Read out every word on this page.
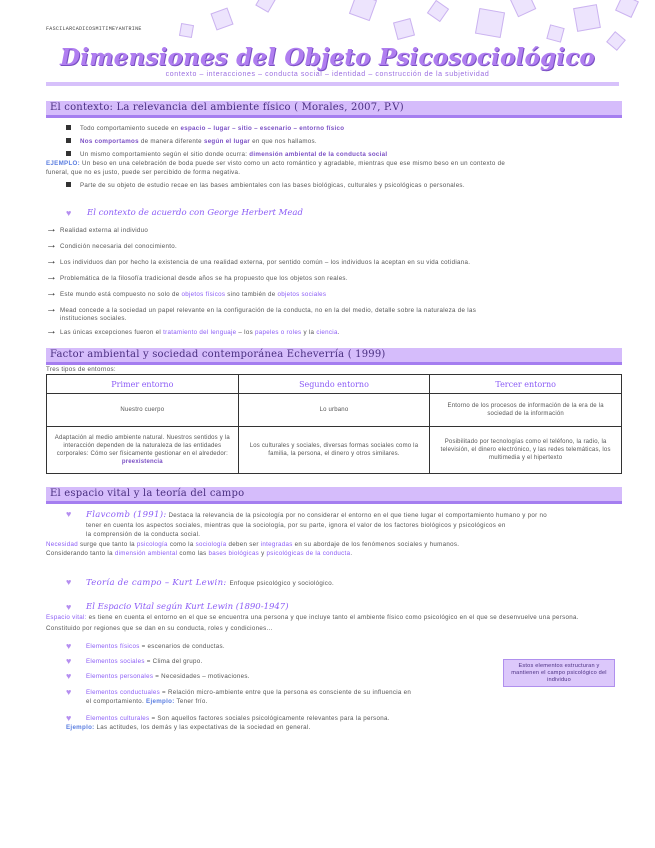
FASCILARCADICOSMITIMEYANTRINE
Dimensiones del Objeto Psicosociológico
contexto – interacciones – conducta social – identidad – construcción de la subjetividad
El contexto: La relevancia del ambiente físico ( Morales, 2007, P.V)
Todo comportamiento sucede en espacio – lugar – sitio – escenario – entorno físico
Nos comportamos de manera diferente según el lugar en que nos hallamos.
Un mismo comportamiento según el sitio donde ocurra: dimensión ambiental de la conducta social
EJEMPLO: Un beso en una celebración de boda puede ser visto como un acto romántico y agradable, mientras que ese mismo beso en un contexto de
funeral, que no es justo, puede ser percibido de forma negativa.
Parte de su objeto de estudio recae en las bases ambientales con las bases biológicas, culturales y psicológicas o personales.
♥ El contexto de acuerdo con George Herbert Mead
→ Realidad externa al individuo
→ Condición necesaria del conocimiento.
→ Los individuos dan por hecho la existencia de una realidad externa, por sentido común – los individuos la aceptan en su vida cotidiana.
→ Problemática de la filosofía tradicional desde años se ha propuesto que los objetos son reales.
→ Este mundo está compuesto no solo de objetos físicos sino también de objetos sociales
→ Mead concede a la sociedad un papel relevante en la configuración de la conducta, no en la del medio, detalle sobre la naturaleza de las
instituciones sociales.
→ Las únicas excepciones fueron el tratamiento del lenguaje – los papeles o roles y la ciencia.
Factor ambiental y sociedad contemporánea Echeverría ( 1999)
Tres tipos de entornos:
Primer entorno	Segundo entorno	Tercer entorno
Nuestro cuerpo	Lo urbano	Entorno de los procesos de información de la era de la sociedad de la información
Adaptación al medio ambiente natural. Nuestros sentidos y la interacción dependen de la naturaleza de las entidades corporales: Cómo ser físicamente gestionar en el alrededor: preexistencia	Los culturales y sociales, diversas formas sociales como la familia, la persona, el dinero y otros similares.	Posibilitado por tecnologías como el teléfono, la radio, la televisión, el dinero electrónico, y las redes telemáticas, los multimedia y el hipertexto
El espacio vital y la teoría del campo
♥ Flavcomb (1991): Destaca la relevancia de la psicología por no considerar el entorno en el que tiene lugar el comportamiento humano y por no
tener en cuenta los aspectos sociales, mientras que la sociología, por su parte, ignora el valor de los factores biológicos y psicológicos en
la comprensión de la conducta social.
Necesidad surge que tanto la psicología como la sociología deben ser integradas en su abordaje de los fenómenos sociales y humanos.
Considerando tanto la dimensión ambiental como las bases biológicas y psicológicas de la conducta.
♥ Teoría de campo – Kurt Lewin: Enfoque psicológico y sociológico.
♥ El Espacio Vital según Kurt Lewin (1890-1947)
Espacio vital: es tiene en cuenta el entorno en el que se encuentra una persona y que incluye tanto el ambiente físico como psicológico en el que se desenvuelve una persona.
Constituido por regiones que se dan en su conducta, roles y condiciones...
♥ Elementos físicos = escenarios de conductas.
♥ Elementos sociales = Clima del grupo.
♥ Elementos personales = Necesidades – motivaciones.
♥ Elementos conductuales = Relación micro-ambiente entre que la persona es consciente de su influencia en
el comportamiento. Ejemplo: Tener frío.
♥ Elementos culturales = Son aquellos factores sociales psicológicamente relevantes para la persona.
Ejemplo: Las actitudes, los demás y las expectativas de la sociedad en general.
Estos elementos estructuran y mantienen el campo psicológico del individuo
